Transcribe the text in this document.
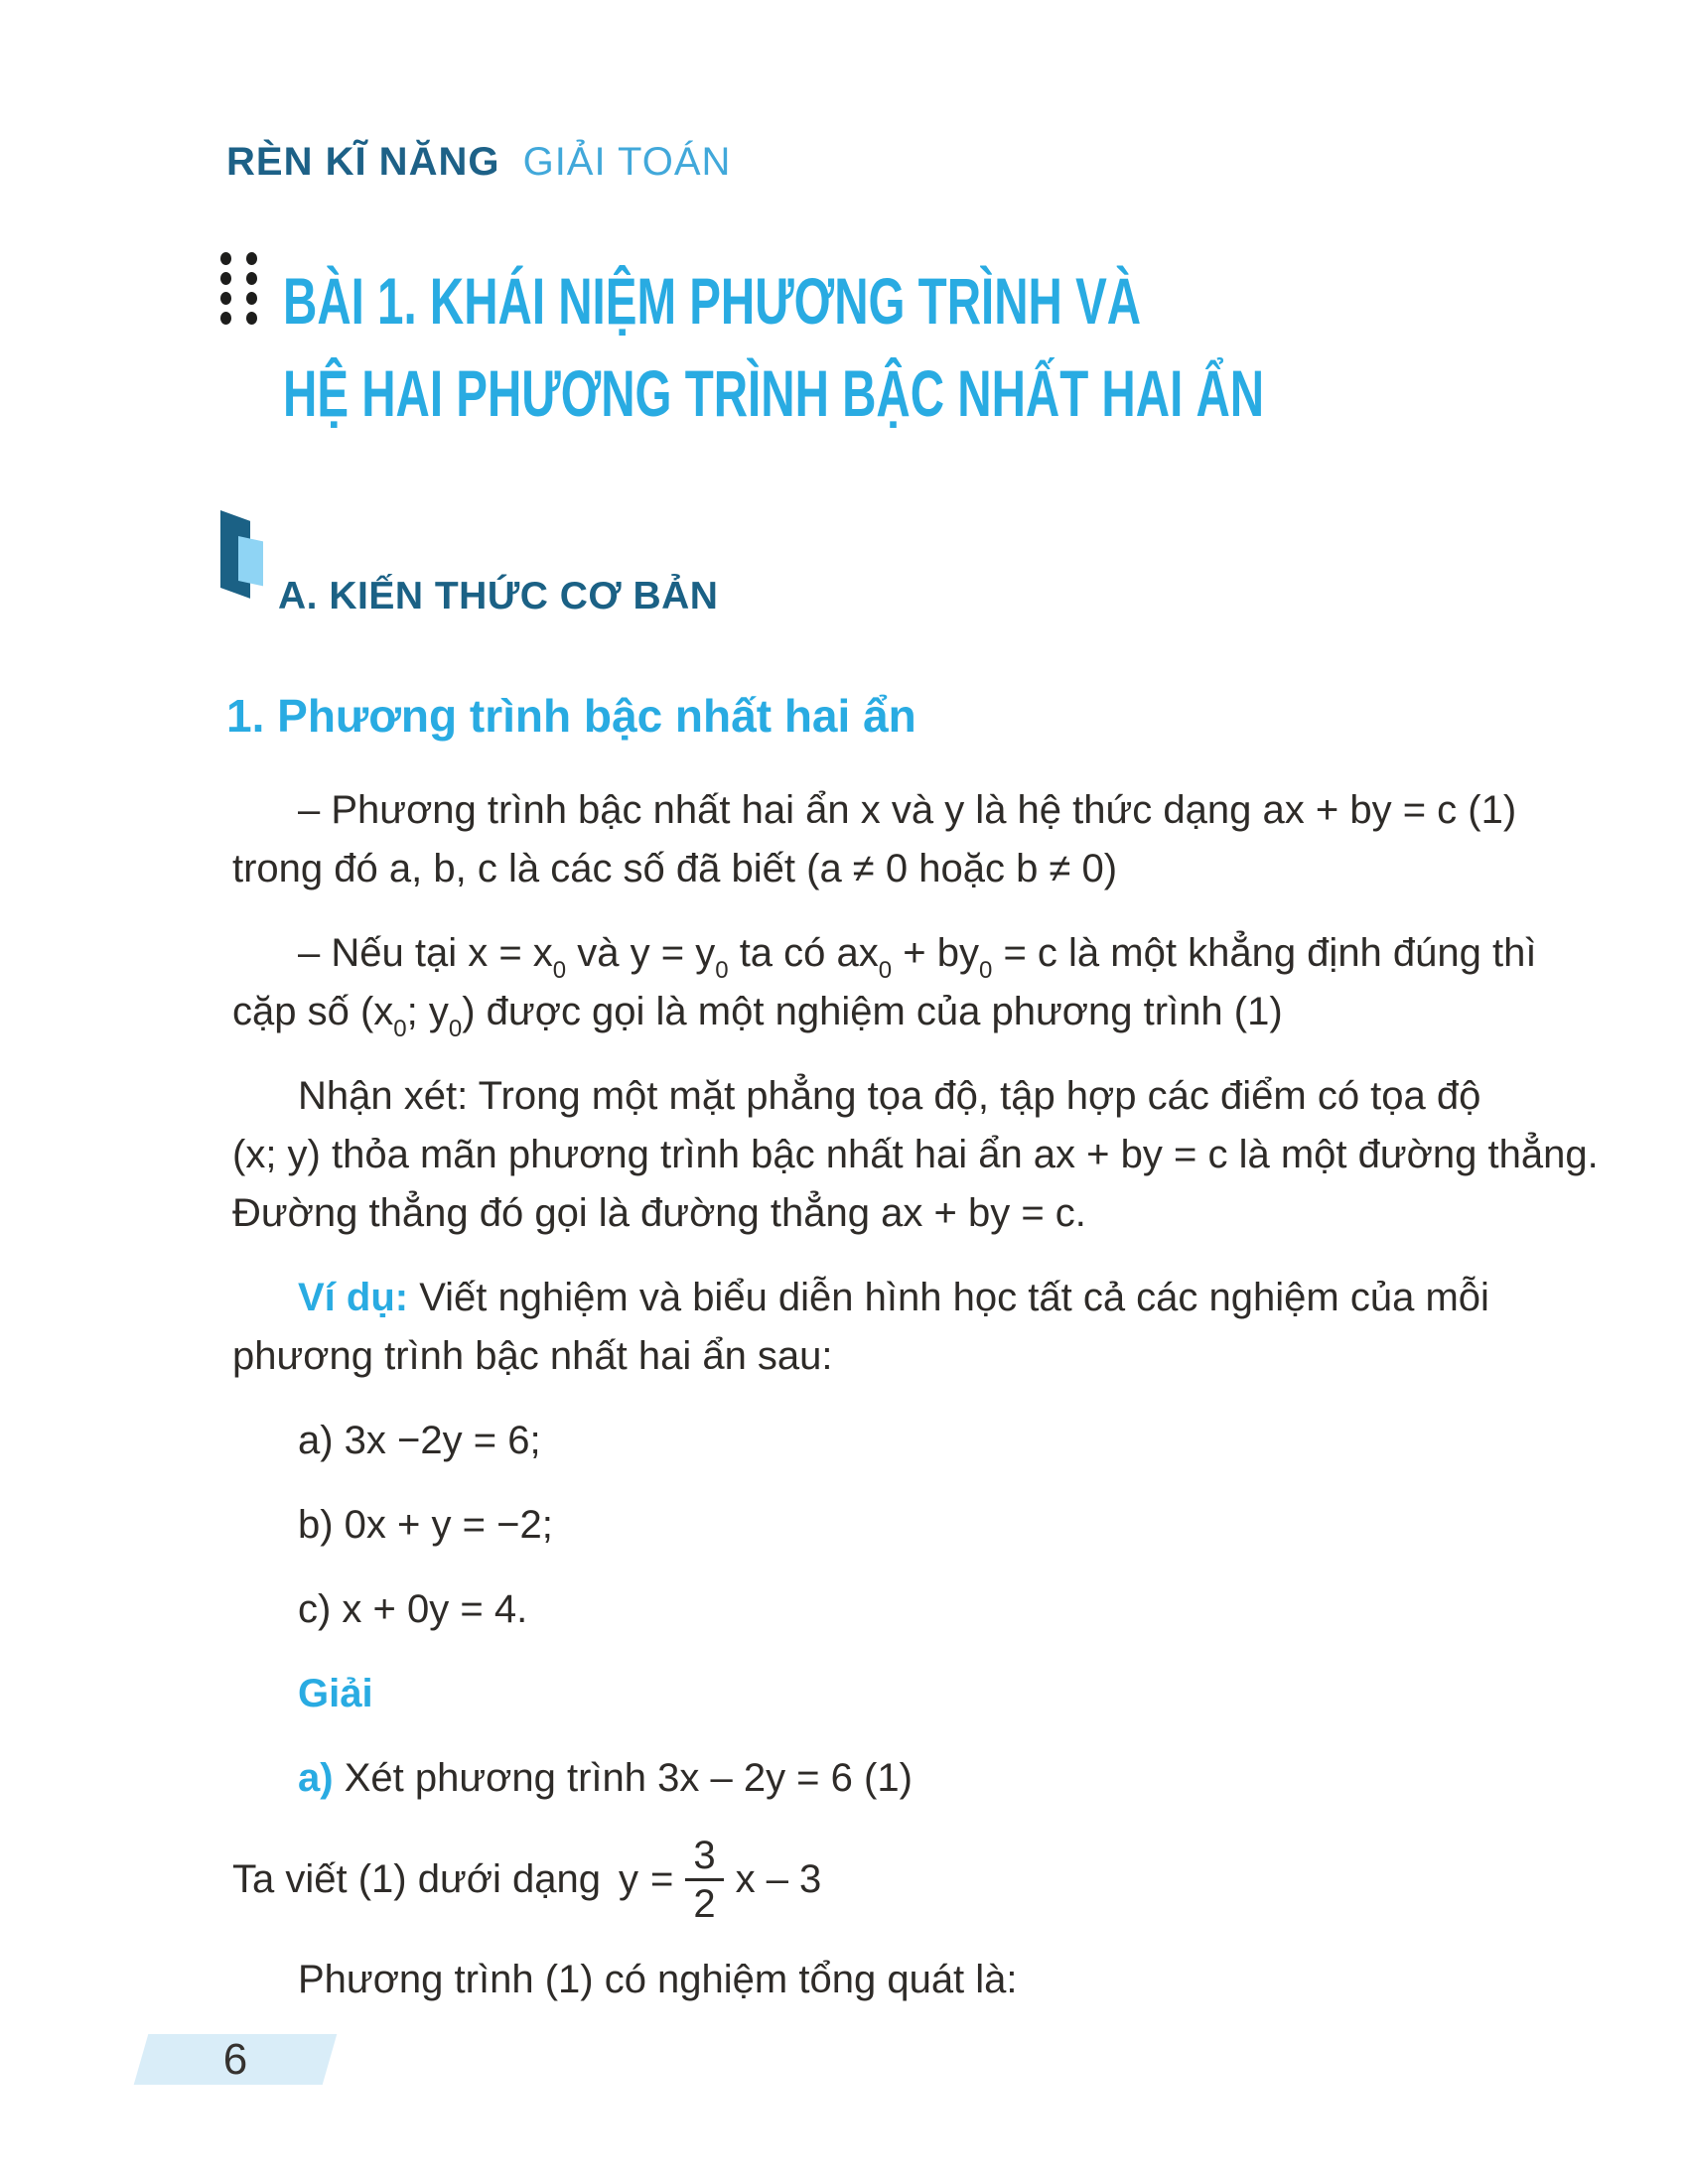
RÈN KĨ NĂNG GIẢI TOÁN
BÀI 1. KHÁI NIỆM PHƯƠNG TRÌNH VÀ
HỆ HAI PHƯƠNG TRÌNH BẬC NHẤT HAI ẨN
A. KIẾN THỨC CƠ BẢN
1. Phương trình bậc nhất hai ẩn
– Phương trình bậc nhất hai ẩn x và y là hệ thức dạng ax + by = c (1)
trong đó a, b, c là các số đã biết (a ≠ 0 hoặc b ≠ 0)
– Nếu tại $x = x_0$ và $y = y_0$ ta có $ax_0 + by_0 = c$ là một khẳng định đúng thì
cặp số ($x_0$; $y_0$) được gọi là một nghiệm của phương trình (1)
Nhận xét: Trong một mặt phẳng tọa độ, tập hợp các điểm có tọa độ
(x; y) thỏa mãn phương trình bậc nhất hai ẩn ax + by = c là một đường thẳng.
Đường thẳng đó gọi là đường thẳng ax + by = c.
Ví dụ: Viết nghiệm và biểu diễn hình học tất cả các nghiệm của mỗi
phương trình bậc nhất hai ẩn sau:
a) 3x −2y = 6;
b) 0x + y = −2;
c) x + 0y = 4.
Giải
a) Xét phương trình 3x – 2y = 6 (1)
Ta viết (1) dưới dạng $y = \frac{3}{2}$ x – 3
Phương trình (1) có nghiệm tổng quát là:
6
